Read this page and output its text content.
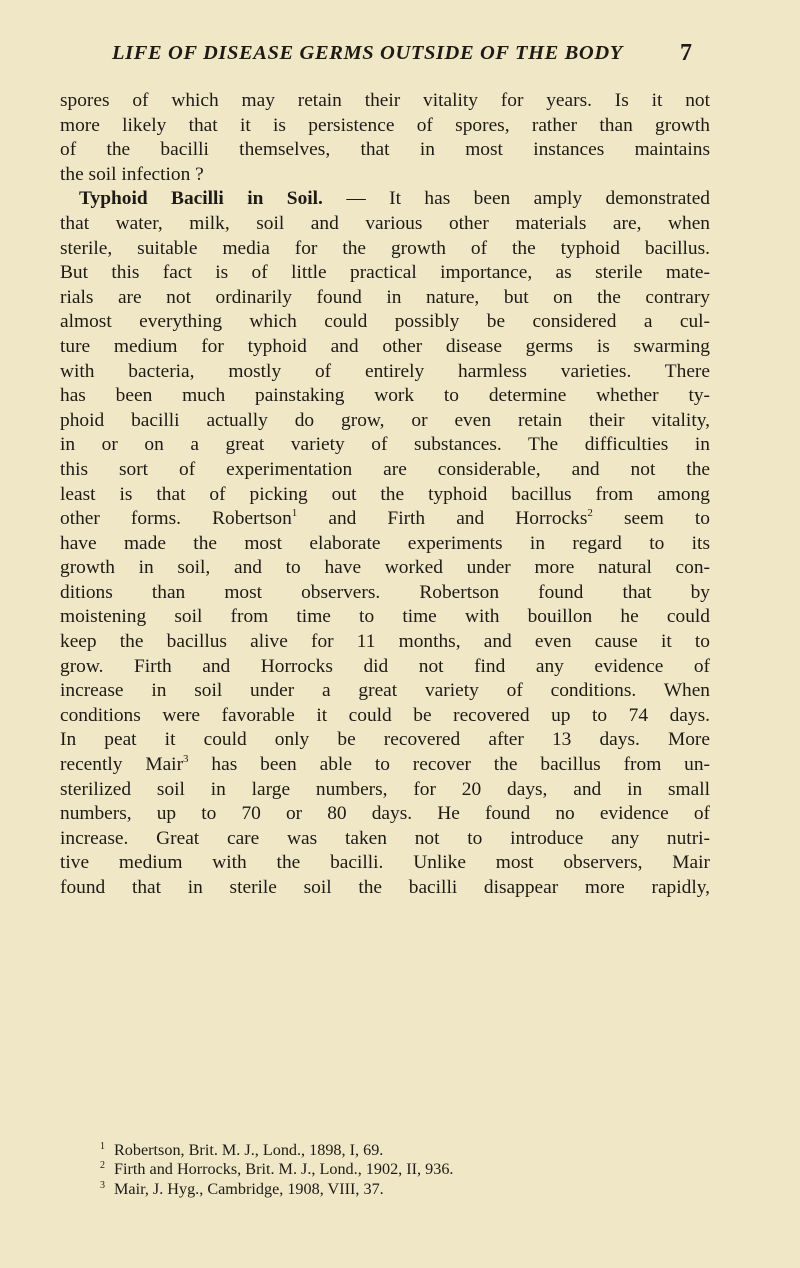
LIFE OF DISEASE GERMS OUTSIDE OF THE BODY	7
spores of which may retain their vitality for years. Is it not
more likely that it is persistence of spores, rather than growth
of the bacilli themselves, that in most instances maintains
the soil infection ?
Typhoid Bacilli in Soil. — It has been amply demonstrated
that water, milk, soil and various other materials are, when
sterile, suitable media for the growth of the typhoid bacillus.
But this fact is of little practical importance, as sterile mate-
rials are not ordinarily found in nature, but on the contrary
almost everything which could possibly be considered a cul-
ture medium for typhoid and other disease germs is swarming
with bacteria, mostly of entirely harmless varieties. There
has been much painstaking work to determine whether ty-
phoid bacilli actually do grow, or even retain their vitality,
in or on a great variety of substances. The difficulties in
this sort of experimentation are considerable, and not the
least is that of picking out the typhoid bacillus from among
other forms. Robertson$^1$ and Firth and Horrocks$^2$ seem to
have made the most elaborate experiments in regard to its
growth in soil, and to have worked under more natural con-
ditions than most observers. Robertson found that by
moistening soil from time to time with bouillon he could
keep the bacillus alive for 11 months, and even cause it to
grow. Firth and Horrocks did not find any evidence of
increase in soil under a great variety of conditions. When
conditions were favorable it could be recovered up to 74 days.
In peat it could only be recovered after 13 days. More
recently Mair$^3$ has been able to recover the bacillus from un-
sterilized soil in large numbers, for 20 days, and in small
numbers, up to 70 or 80 days. He found no evidence of
increase. Great care was taken not to introduce any nutri-
tive medium with the bacilli. Unlike most observers, Mair
found that in sterile soil the bacilli disappear more rapidly,
1 Robertson, Brit. M. J., Lond., 1898, I, 69.
2 Firth and Horrocks, Brit. M. J., Lond., 1902, II, 936.
3 Mair, J. Hyg., Cambridge, 1908, VIII, 37.
